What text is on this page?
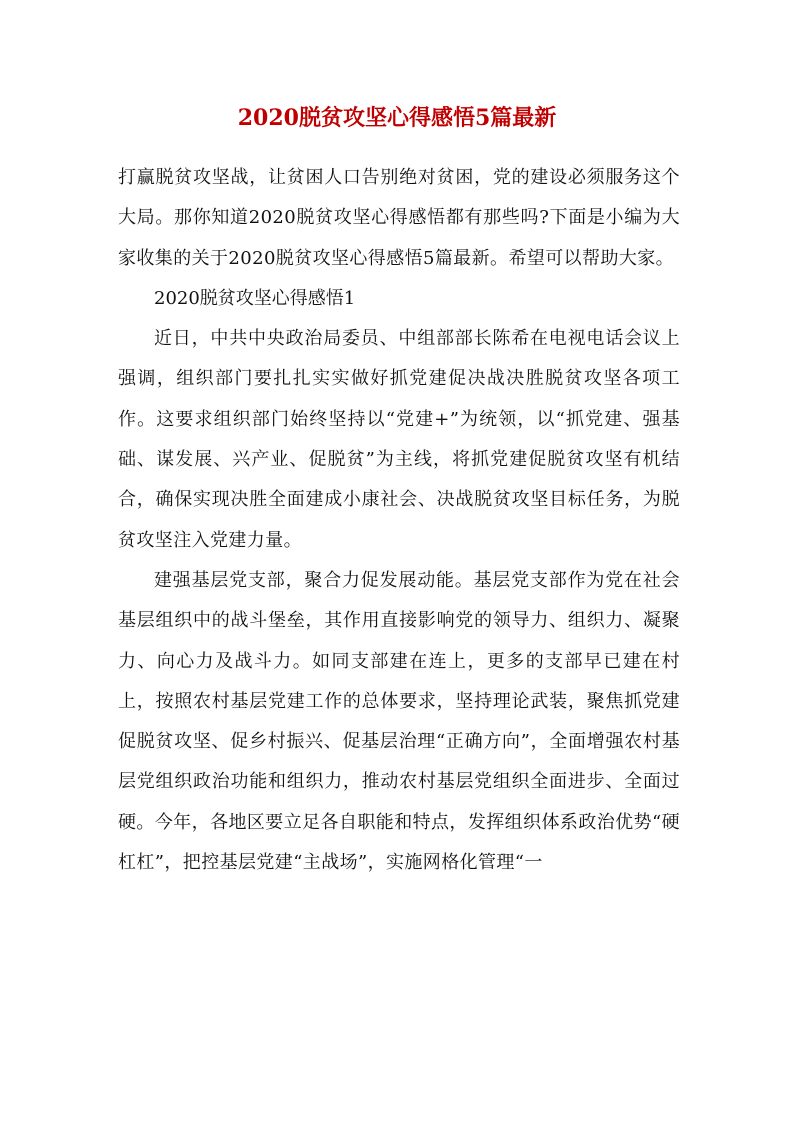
2020脱贫攻坚心得感悟5篇最新

打赢脱贫攻坚战，让贫困人口告别绝对贫困，党的建设必须服务这个大局。那你知道2020脱贫攻坚心得感悟都有那些吗?下面是小编为大家收集的关于2020脱贫攻坚心得感悟5篇最新。希望可以帮助大家。

2020脱贫攻坚心得感悟1

近日，中共中央政治局委员、中组部部长陈希在电视电话会议上强调，组织部门要扎扎实实做好抓党建促决战决胜脱贫攻坚各项工作。这要求组织部门始终坚持以“党建+”为统领，以“抓党建、强基础、谋发展、兴产业、促脱贫”为主线，将抓党建促脱贫攻坚有机结合，确保实现决胜全面建成小康社会、决战脱贫攻坚目标任务，为脱贫攻坚注入党建力量。

建强基层党支部，聚合力促发展动能。基层党支部作为党在社会基层组织中的战斗堡垒，其作用直接影响党的领导力、组织力、凝聚力、向心力及战斗力。如同支部建在连上，更多的支部早已建在村上，按照农村基层党建工作的总体要求，坚持理论武装，聚焦抓党建促脱贫攻坚、促乡村振兴、促基层治理“正确方向”，全面增强农村基层党组织政治功能和组织力，推动农村基层党组织全面进步、全面过硬。今年，各地区要立足各自职能和特点，发挥组织体系政治优势“硬杠杠”，把控基层党建“主战场”，实施网格化管理“一
